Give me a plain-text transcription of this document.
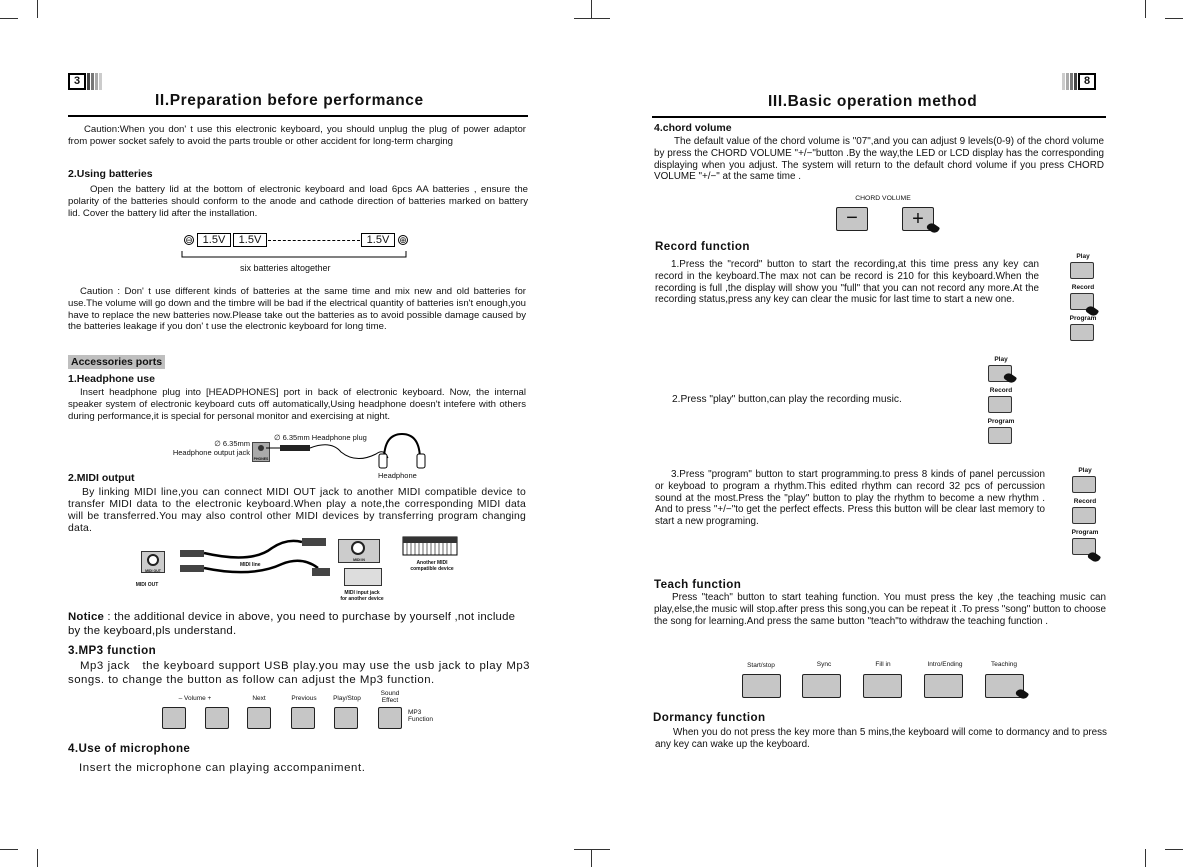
3
II.Preparation before performance
Caution:When you don' t use this electronic keyboard, you should unplug the plug of power adaptor from power socket safely to avoid the parts trouble or other accident for long-term charging
2.Using batteries
Open the battery lid at the bottom of electronic keyboard and load 6pcs AA batteries , ensure the polarity of the batteries should conform to the anode and cathode direction of batteries marked on battery lid. Cover the battery lid after the installation.
⊖ 1.5V	1.5V	1.5V	⊕
six batteries altogether
Caution : Don' t use different kinds of batteries at the same time and mix new and old batteries for use.The volume will go down and the timbre will be bad if the electrical quantity of batteries isn't enough,you have to replace the new batteries now.Please take out the batteries as to avoid possible damage caused by the batteries leakage if you don' t use the electronic keyboard for long time.
Accessories ports
1.Headphone use
Insert headphone plug into [HEADPHONES] port in back of electronic keyboard. Now, the internal speaker system of electronic keyboard cuts off automatically,Using headphone doesn't intefere with others during performance,it is special for personal monitor and exercising at night.
∅ 6.35mm
Headphone output jack
PHONES
∅ 6.35mm Headphone plug
Headphone
2.MIDI output
By linking MIDI line,you can connect MIDI OUT jack to another MIDI compatible device to transfer MIDI data to the electronic keyboard.When play a note,the corresponding MIDI data will be transferred.You may also control other MIDI devices by transferring program changing data.
MIDI OUT
MIDI OUT
MIDI line
MIDI IN	Another MIDI
compatible device
MIDI input jack
for another device
Notice : the additional device in above, you need to purchase by yourself ,not include by the keyboard,pls understand.
3.MP3 function
Mp3 jack　the keyboard support USB play.you may use the usb jack to play Mp3 songs. to change the button as follow can adjust the Mp3 function.
– Volume +	Next	Previous	Play/Stop
Sound
Effect
MP3
Function
4.Use of microphone
Insert the microphone can playing accompaniment.
8
III.Basic operation method
4.chord volume
The default value of the chord volume is "07",and you can adjust 9 levels(0-9) of the chord volume by press the CHORD VOLUME "+/−"button .By the way,the LED or LCD display has the corresponding displaying when you adjust. The system will return to the default chord volume if you press CHORD VOLUME "+/−" at the same time .
CHORD VOLUME
−	+
Record function
1.Press the "record" button to start the recording,at this time press any key can record in the keyboard.The max not can be record is 210 for this keyboard.When the recording is full ,the display will show you "full" that you can not record any more.At the recording status,press any key can clear the music for last time to start a new one.
Play
Record
Program
2.Press "play" button,can play the recording music.
Play
Record
Program
3.Press "program" button to start programming.to press 8 kinds of panel percussion or keyboad to program a rhythm.This edited rhythm can record 32 pcs of percussion sound at the most.Press the "play" button to play the rhythm to become a new rhythm . And to press "+/−"to get the perfect effects. Press this button will be clear last memory to start a new programing.
Play
Record
Program
Teach function
Press "teach" button to start teahing function. You must press the key ,the teaching music can play,else,the music will stop.after press this song,you can be repeat it .To press "song" button to choose the song for learning.And press the same button "teach"to withdraw the teaching function .
Start/stop	Sync	Fill in	Intro/Ending	Teaching
Dormancy function
When you do not press the key more than 5 mins,the keyboard will come to dormancy and to press any key can wake up the keyboard.
